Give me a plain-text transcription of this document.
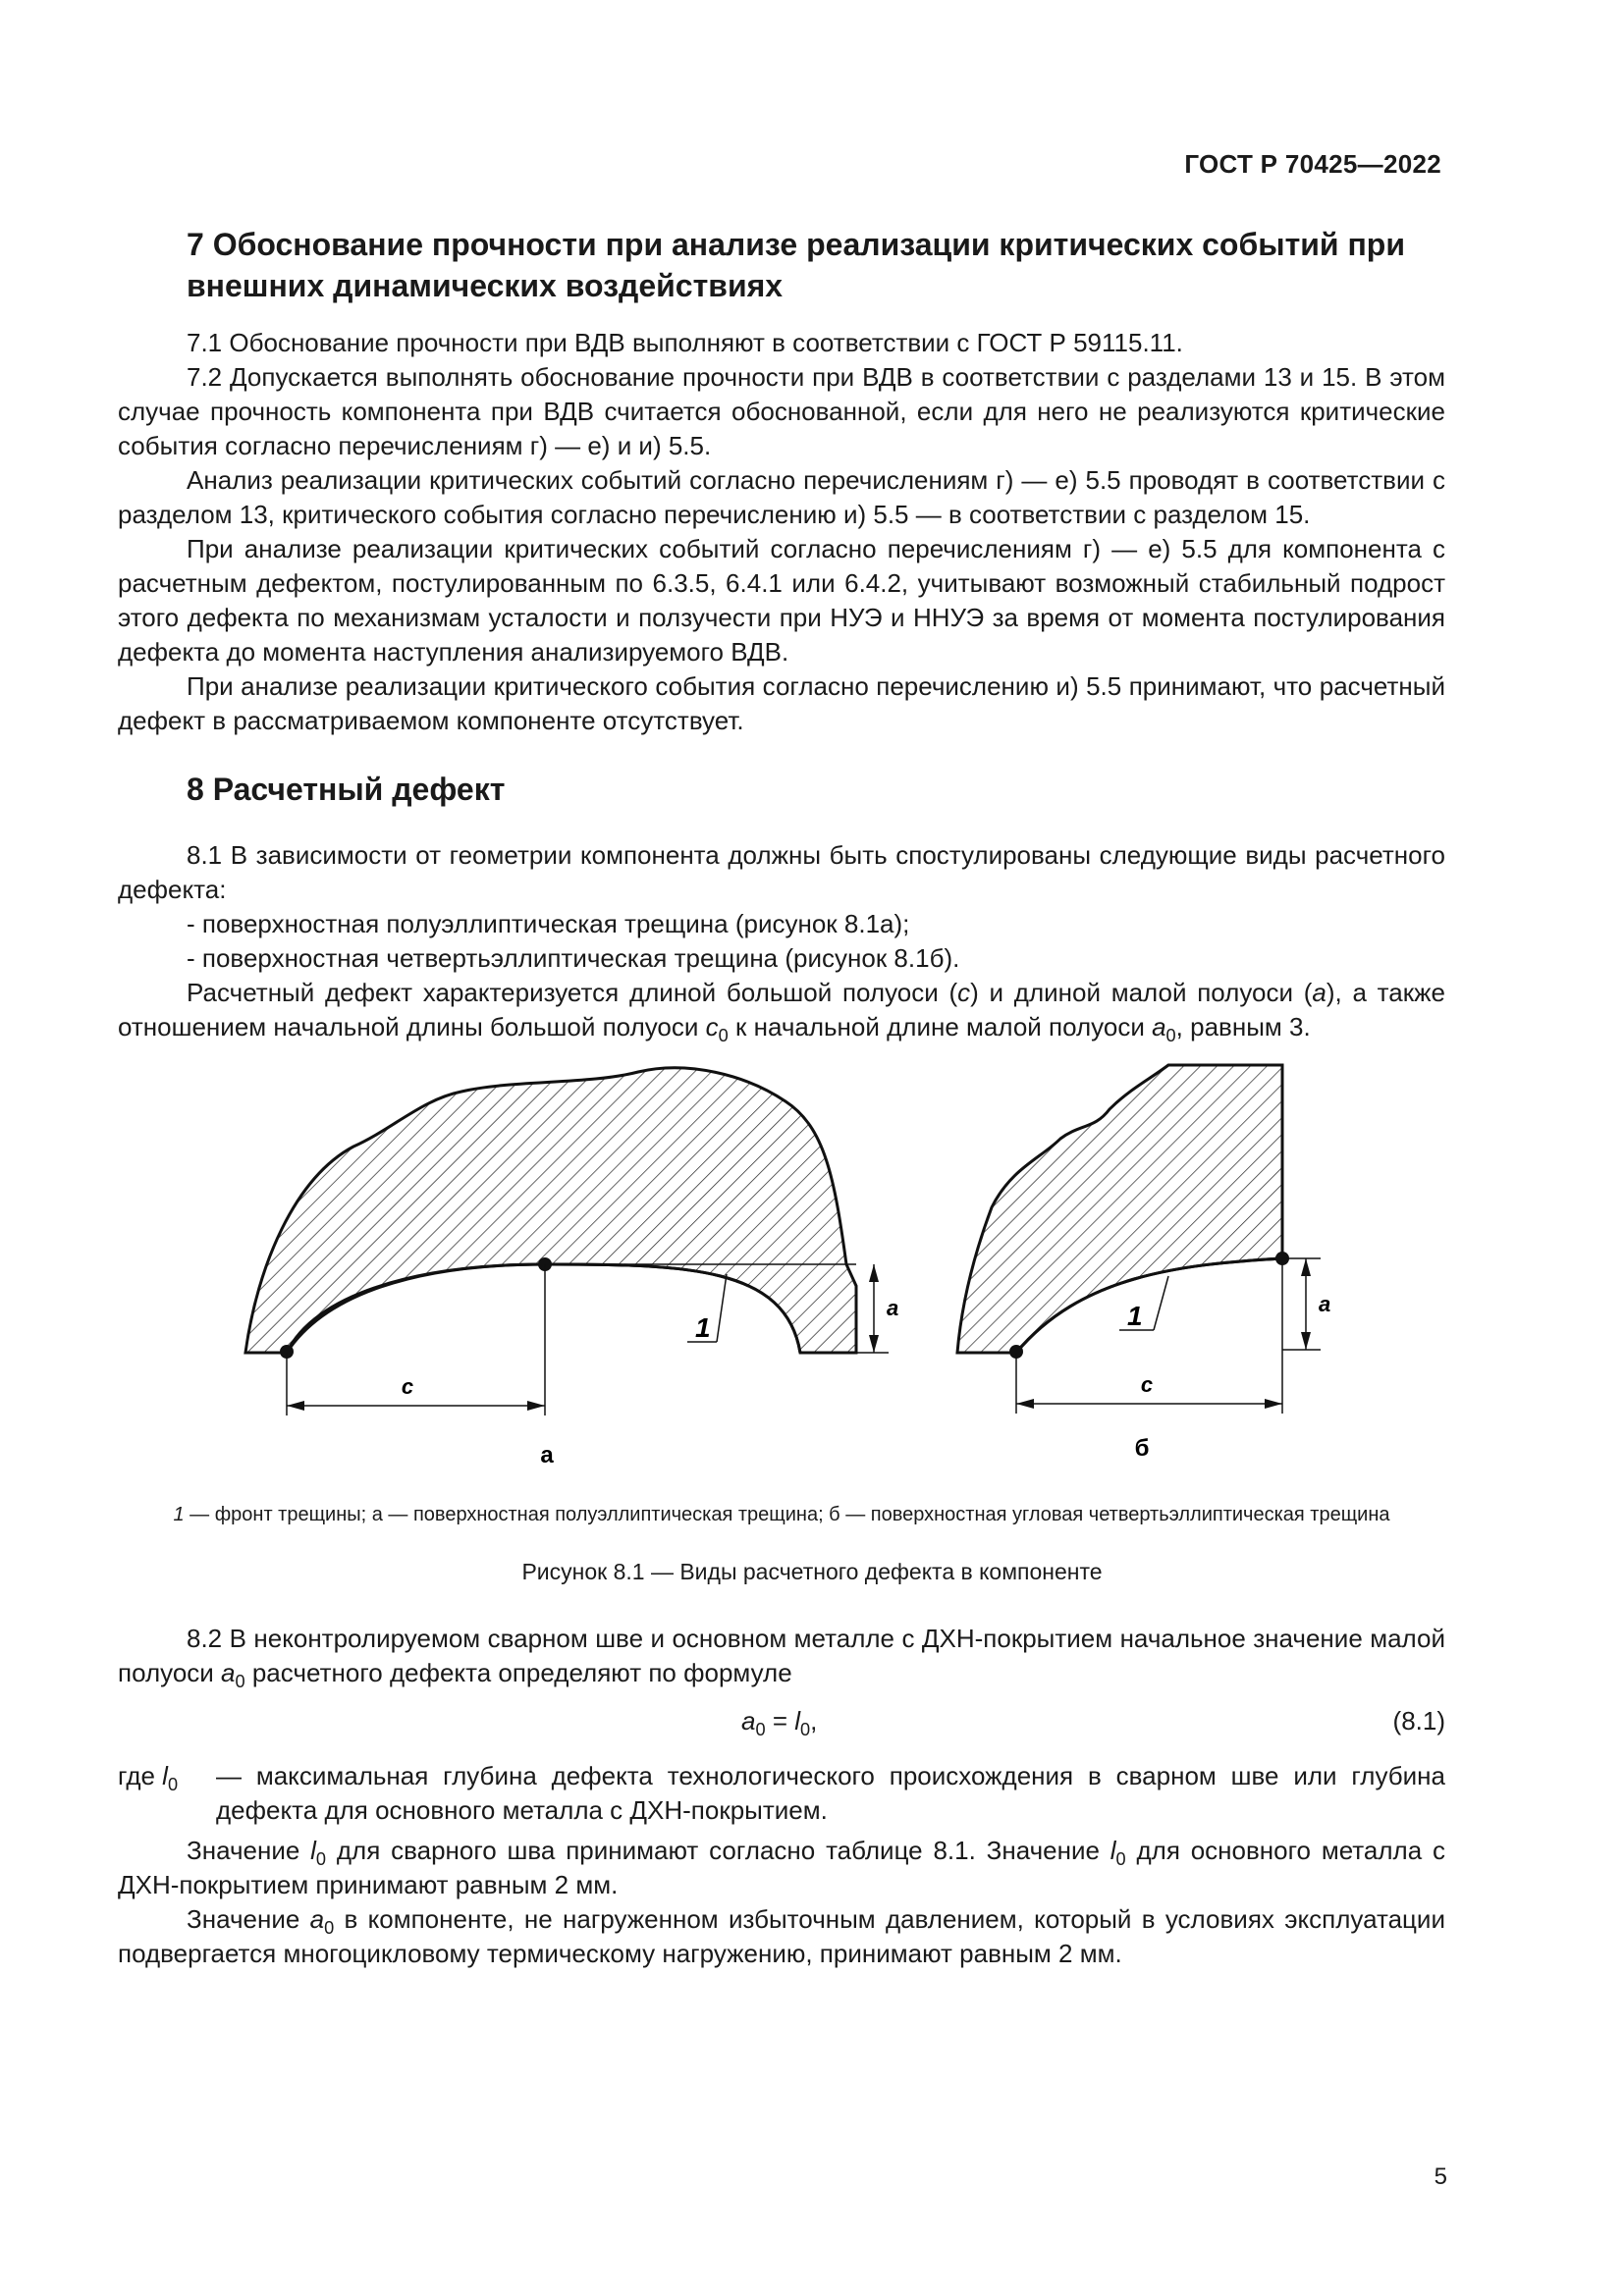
ГОСТ Р 70425—2022
7 Обоснование прочности при анализе реализации критических событий при внешних динамических воздействиях

7.1 Обоснование прочности при ВДВ выполняют в соответствии с ГОСТ Р 59115.11.

7.2 Допускается выполнять обоснование прочности при ВДВ в соответствии с разделами 13 и 15. В этом случае прочность компонента при ВДВ считается обоснованной, если для него не реализуются критические события согласно перечислениям г) — е) и и) 5.5.

Анализ реализации критических событий согласно перечислениям г) — е) 5.5 проводят в соответствии с разделом 13, критического события согласно перечислению и) 5.5 — в соответствии с разделом 15.

При анализе реализации критических событий согласно перечислениям г) — е) 5.5 для компонента с расчетным дефектом, постулированным по 6.3.5, 6.4.1 или 6.4.2, учитывают возможный стабильный подрост этого дефекта по механизмам усталости и ползучести при НУЭ и ННУЭ за время от момента постулирования дефекта до момента наступления анализируемого ВДВ.

При анализе реализации критического события согласно перечислению и) 5.5 принимают, что расчетный дефект в рассматриваемом компоненте отсутствует.

8 Расчетный дефект

8.1 В зависимости от геометрии компонента должны быть спостулированы следующие виды расчетного дефекта:

- поверхностная полуэллиптическая трещина (рисунок 8.1а);

- поверхностная четвертьэллиптическая трещина (рисунок 8.1б).

Расчетный дефект характеризуется длиной большой полуоси (c) и длиной малой полуоси (a), а также отношением начальной длины большой полуоси $c_0$ к начальной длине малой полуоси $a_0$, равным 3.

c
a
1
а
c
a
1
б
1 — фронт трещины; а — поверхностная полуэллиптическая трещина; б — поверхностная угловая четвертьэллиптическая трещина
Рисунок 8.1 — Виды расчетного дефекта в компоненте

8.2 В неконтролируемом сварном шве и основном металле с ДХН-покрытием начальное значение малой полуоси $a_0$ расчетного дефекта определяют по формуле

$a_0 = l_0$,	(8.1)
где $l_0$ — максимальная глубина дефекта технологического происхождения в сварном шве или глубина дефекта для основного металла с ДХН-покрытием.

Значение $l_0$ для сварного шва принимают согласно таблице 8.1. Значение $l_0$ для основного металла с ДХН-покрытием принимают равным 2 мм.

Значение $a_0$ в компоненте, не нагруженном избыточным давлением, который в условиях эксплуатации подвергается многоцикловому термическому нагружению, принимают равным 2 мм.

5
